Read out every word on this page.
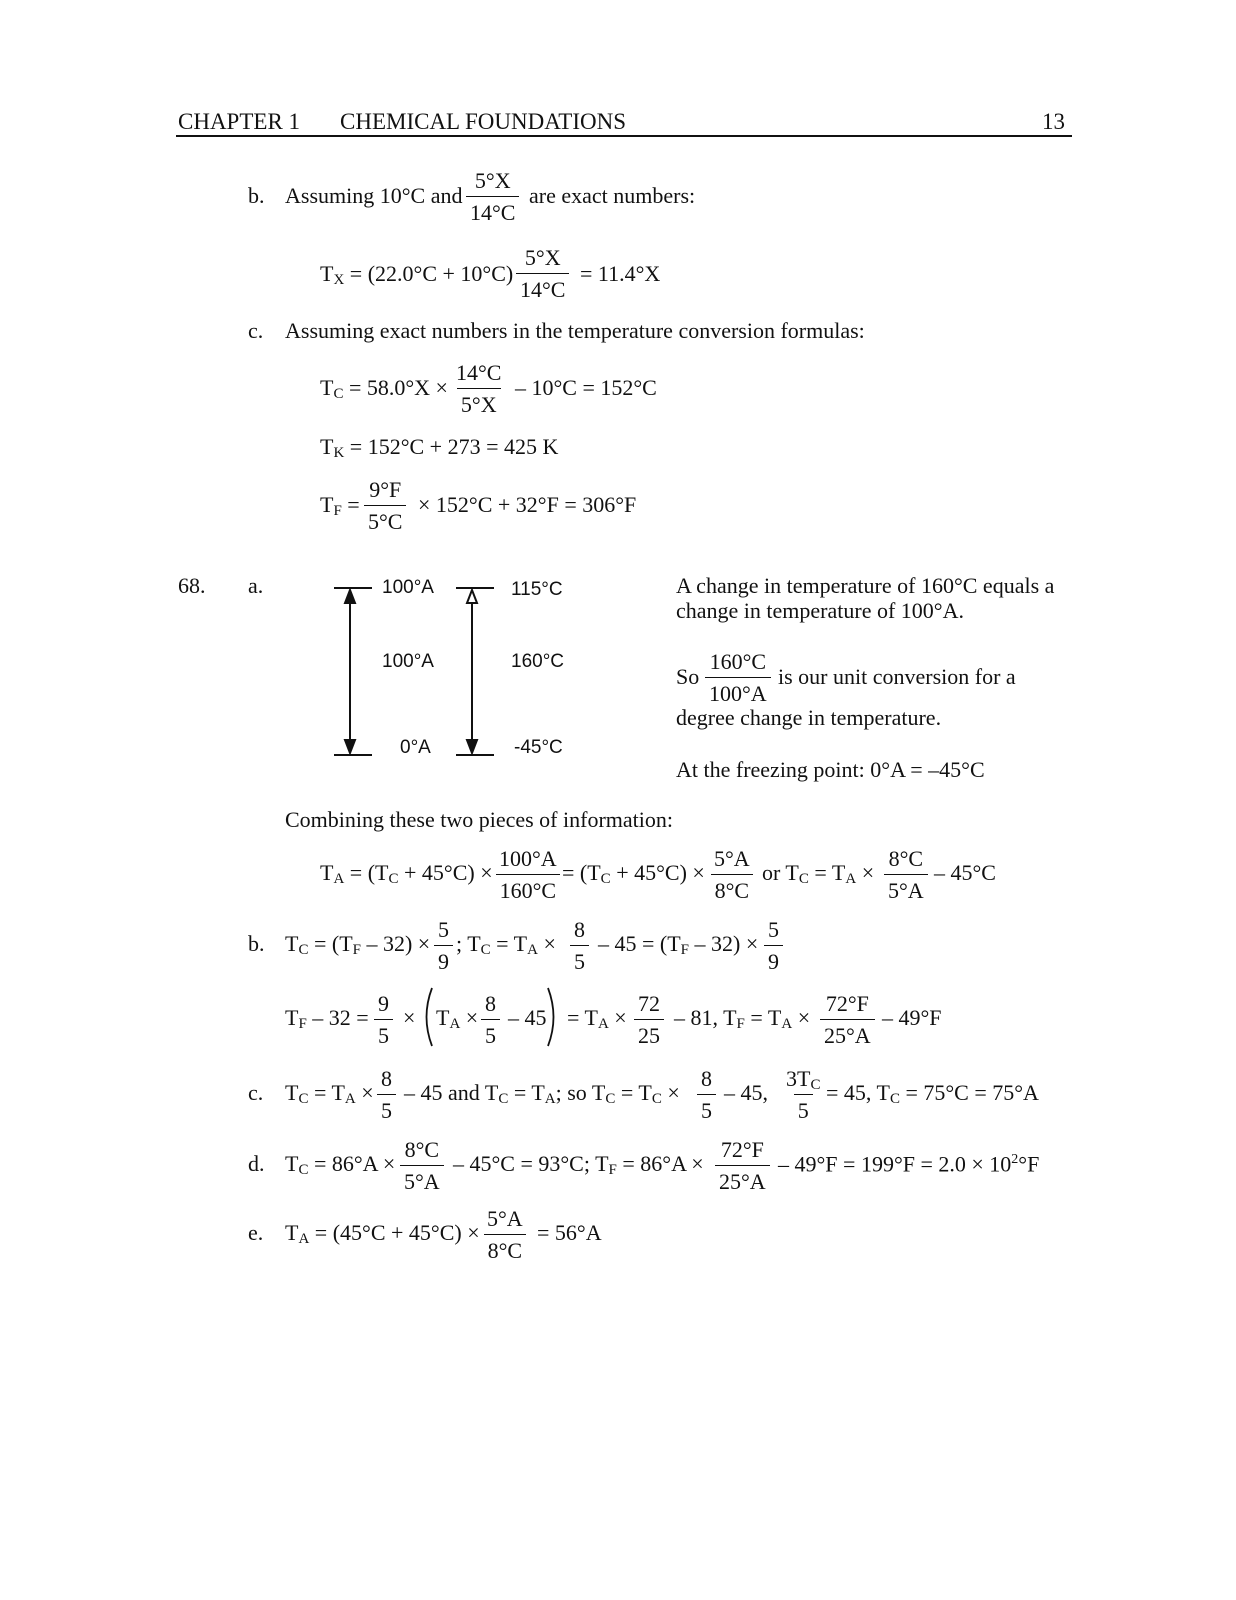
CHAPTER 1 CHEMICAL FOUNDATIONS	13
b. Assuming 10°C and $\frac{5^\circ X}{14^\circ C}$ are exact numbers:
$T_X = (22.0^\circ C + 10^\circ C) \frac{5^\circ X}{14^\circ C} = 11.4^\circ X$
c. Assuming exact numbers in the temperature conversion formulas:
$T_C = 58.0^\circ X \times \frac{14^\circ C}{5^\circ X} - 10^\circ C = 152^\circ C$
$T_K = 152^\circ C + 273 = 425$ K
$T_F = \frac{9^\circ F}{5^\circ C} \times 152^\circ C + 32^\circ F = 306^\circ F$
68. a.	100°A
100°A
0°A
115°C
160°C
-45°C
A change in temperature of 160°C equals a
change in temperature of 100°A.
So $\frac{160^\circ C}{100^\circ A}$ is our unit conversion for a
degree change in temperature.
At the freezing point: 0°A = –45°C
Combining these two pieces of information:
$T_A = (T_C + 45^\circ C) \times \frac{100^\circ A}{160^\circ C} = (T_C + 45^\circ C) \times \frac{5^\circ A}{8^\circ C}$ or $T_C = T_A \times \frac{8^\circ C}{5^\circ A} - 45^\circ C$
b. $T_C = (T_F - 32) \times \frac{5}{9}$ ; $T_C = T_A \times \frac{8}{5} - 45 = (T_F - 32) \times \frac{5}{9}$
$T_F - 32 = \frac{9}{5} \times T_A \times \frac{8}{5} - 45 = T_A \times \frac{72}{25} - 81$, $T_F = T_A \times \frac{72^\circ F}{25^\circ A} - 49^\circ F$
c. $T_C = T_A \times \frac{8}{5} - 45$ and $T_C = T_A$; so $T_C = T_C \times \frac{8}{5} - 45$, $\frac{3T_C}{5} = 45$, $T_C = 75^\circ C = 75^\circ A$
d. $T_C = 86^\circ A \times \frac{8^\circ C}{5^\circ A} - 45^\circ C = 93^\circ C$; $T_F = 86^\circ A \times \frac{72^\circ F}{25^\circ A} - 49^\circ F = 199^\circ F = 2.0 \times 10^2^\circ F$
e. $T_A = (45^\circ C + 45^\circ C) \times \frac{5^\circ A}{8^\circ C} = 56^\circ A$
